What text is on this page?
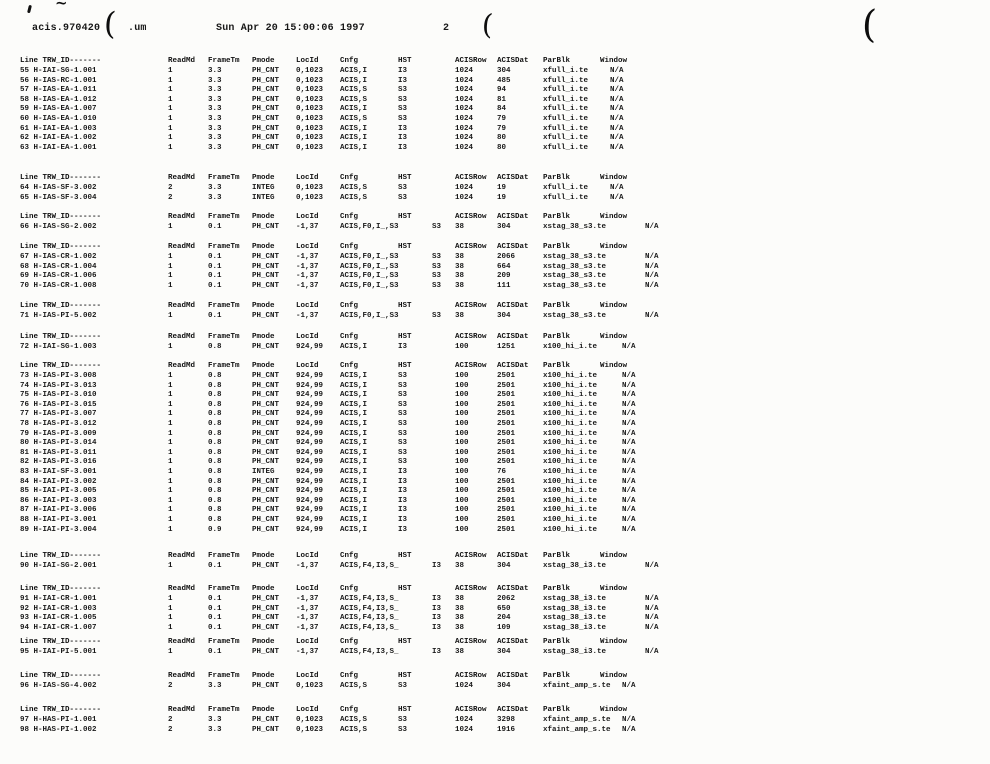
acis.970420	.um	Sun Apr 20 15:00:06 1997	2
~
(	(	(
Line TRW_ID-------	ReadMd FrameTm Pmode	LocId	Cnfg	HST	ACISRow ACISDat ParBlk	Window
55 H-IAI-SG-1.001	1	3.3	PH_CNT 0,1023 ACIS,I	I3	1024	304	xfull_i.te	N/A
56 H-IAS-RC-1.001	1	3.3	PH_CNT 0,1023 ACIS,I	I3	1024	485	xfull_i.te	N/A
57 H-IAS-EA-1.011	1	3.3	PH_CNT 0,1023 ACIS,S	S3	1024	94	xfull_i.te	N/A
58 H-IAS-EA-1.012	1	3.3	PH_CNT 0,1023 ACIS,S	S3	1024	81	xfull_i.te	N/A
59 H-IAS-EA-1.007	1	3.3	PH_CNT 0,1023 ACIS,I	S3	1024	84	xfull_i.te	N/A
60 H-IAS-EA-1.010	1	3.3	PH_CNT 0,1023 ACIS,S	S3	1024	79	xfull_i.te	N/A
61 H-IAI-EA-1.003	1	3.3	PH_CNT 0,1023 ACIS,I	I3	1024	79	xfull_i.te	N/A
62 H-IAI-EA-1.002	1	3.3	PH_CNT 0,1023 ACIS,I	I3	1024	80	xfull_i.te	N/A
63 H-IAI-EA-1.001	1	3.3	PH_CNT 0,1023 ACIS,I	I3	1024	80	xfull_i.te	N/A
Line TRW_ID-------	ReadMd FrameTm Pmode	LocId	Cnfg	HST	ACISRow ACISDat ParBlk	Window
64 H-IAS-SF-3.002	2	3.3	INTEG	0,1023 ACIS,S	S3	1024	19	xfull_i.te	N/A
65 H-IAS-SF-3.004	2	3.3	INTEG	0,1023 ACIS,S	S3	1024	19	xfull_i.te	N/A
Line TRW_ID-------	ReadMd FrameTm Pmode	LocId	Cnfg	HST	ACISRow ACISDat ParBlk	Window
66 H-IAS-SG-2.002	1	0.1	PH_CNT -1,37	ACIS,F0,I_,S3	S3 38	304	xstag_38_s3.te	N/A
Line TRW_ID-------	ReadMd FrameTm Pmode	LocId	Cnfg	HST	ACISRow ACISDat ParBlk	Window
67 H-IAS-CR-1.002	1	0.1	PH_CNT -1,37	ACIS,F0,I_,S3	S3 38	2066	xstag_38_s3.te	N/A
68 H-IAS-CR-1.004	1	0.1	PH_CNT -1,37	ACIS,F0,I_,S3	S3 38	664	xstag_38_s3.te	N/A
69 H-IAS-CR-1.006	1	0.1	PH_CNT -1,37	ACIS,F0,I_,S3	S3 38	209	xstag_38_s3.te	N/A
70 H-IAS-CR-1.008	1	0.1	PH_CNT -1,37	ACIS,F0,I_,S3	S3 38	111	xstag_38_s3.te	N/A
Line TRW_ID-------	ReadMd FrameTm Pmode	LocId	Cnfg	HST	ACISRow ACISDat ParBlk	Window
71 H-IAS-PI-5.002	1	0.1	PH_CNT -1,37	ACIS,F0,I_,S3	S3 38	304	xstag_38_s3.te	N/A
Line TRW_ID-------	ReadMd FrameTm Pmode	LocId	Cnfg	HST	ACISRow ACISDat ParBlk	Window
72 H-IAI-SG-1.003	1	0.8	PH_CNT 924,99 ACIS,I	I3	100	1251	x100_hi_i.te	N/A
Line TRW_ID-------	ReadMd FrameTm Pmode	LocId	Cnfg	HST	ACISRow ACISDat ParBlk	Window
73 H-IAS-PI-3.008	1	0.8	PH_CNT 924,99 ACIS,I	S3	100	2501	x100_hi_i.te	N/A
74 H-IAS-PI-3.013	1	0.8	PH_CNT 924,99 ACIS,I	S3	100	2501	x100_hi_i.te	N/A
75 H-IAS-PI-3.010	1	0.8	PH_CNT 924,99 ACIS,I	S3	100	2501	x100_hi_i.te	N/A
76 H-IAS-PI-3.015	1	0.8	PH_CNT 924,99 ACIS,I	S3	100	2501	x100_hi_i.te	N/A
77 H-IAS-PI-3.007	1	0.8	PH_CNT 924,99 ACIS,I	S3	100	2501	x100_hi_i.te	N/A
78 H-IAS-PI-3.012	1	0.8	PH_CNT 924,99 ACIS,I	S3	100	2501	x100_hi_i.te	N/A
79 H-IAS-PI-3.009	1	0.8	PH_CNT 924,99 ACIS,I	S3	100	2501	x100_hi_i.te	N/A
80 H-IAS-PI-3.014	1	0.8	PH_CNT 924,99 ACIS,I	S3	100	2501	x100_hi_i.te	N/A
81 H-IAS-PI-3.011	1	0.8	PH_CNT 924,99 ACIS,I	S3	100	2501	x100_hi_i.te	N/A
82 H-IAS-PI-3.016	1	0.8	PH_CNT 924,99 ACIS,I	S3	100	2501	x100_hi_i.te	N/A
83 H-IAI-SF-3.001	1	0.8	INTEG	924,99 ACIS,I	I3	100	76	x100_hi_i.te	N/A
84 H-IAI-PI-3.002	1	0.8	PH_CNT 924,99 ACIS,I	I3	100	2501	x100_hi_i.te	N/A
85 H-IAI-PI-3.005	1	0.8	PH_CNT 924,99 ACIS,I	I3	100	2501	x100_hi_i.te	N/A
86 H-IAI-PI-3.003	1	0.8	PH_CNT 924,99 ACIS,I	I3	100	2501	x100_hi_i.te	N/A
87 H-IAI-PI-3.006	1	0.8	PH_CNT 924,99 ACIS,I	I3	100	2501	x100_hi_i.te	N/A
88 H-IAI-PI-3.001	1	0.8	PH_CNT 924,99 ACIS,I	I3	100	2501	x100_hi_i.te	N/A
89 H-IAI-PI-3.004	1	0.9	PH_CNT 924,99 ACIS,I	I3	100	2501	x100_hi_i.te	N/A
Line TRW_ID-------	ReadMd FrameTm Pmode	LocId	Cnfg	HST	ACISRow ACISDat ParBlk	Window
90 H-IAI-SG-2.001	1	0.1	PH_CNT -1,37	ACIS,F4,I3,S_	I3 38	304	xstag_38_i3.te	N/A
Line TRW_ID-------	ReadMd FrameTm Pmode	LocId	Cnfg	HST	ACISRow ACISDat ParBlk	Window
91 H-IAI-CR-1.001	1	0.1	PH_CNT -1,37	ACIS,F4,I3,S_	I3 38	2062	xstag_38_i3.te	N/A
92 H-IAI-CR-1.003	1	0.1	PH_CNT -1,37	ACIS,F4,I3,S_	I3 38	650	xstag_38_i3.te	N/A
93 H-IAI-CR-1.005	1	0.1	PH_CNT -1,37	ACIS,F4,I3,S_	I3 38	204	xstag_38_i3.te	N/A
94 H-IAI-CR-1.007	1	0.1	PH_CNT -1,37	ACIS,F4,I3,S_	I3 38	109	xstag_38_i3.te	N/A
Line TRW_ID-------	ReadMd FrameTm Pmode	LocId	Cnfg	HST	ACISRow ACISDat ParBlk	Window
95 H-IAI-PI-5.001	1	0.1	PH_CNT -1,37	ACIS,F4,I3,S_	I3 38	304	xstag_38_i3.te	N/A
Line TRW_ID-------	ReadMd FrameTm Pmode	LocId	Cnfg	HST	ACISRow ACISDat ParBlk	Window
96 H-IAS-SG-4.002	2	3.3	PH_CNT 0,1023 ACIS,S	S3	1024	304	xfaint_amp_s.te N/A
Line TRW_ID-------	ReadMd FrameTm Pmode	LocId	Cnfg	HST	ACISRow ACISDat ParBlk	Window
97 H-HAS-PI-1.001	2	3.3	PH_CNT 0,1023 ACIS,S	S3	1024	3298	xfaint_amp_s.te N/A
98 H-HAS-PI-1.002	2	3.3	PH_CNT 0,1023 ACIS,S	S3	1024	1916	xfaint_amp_s.te N/A
